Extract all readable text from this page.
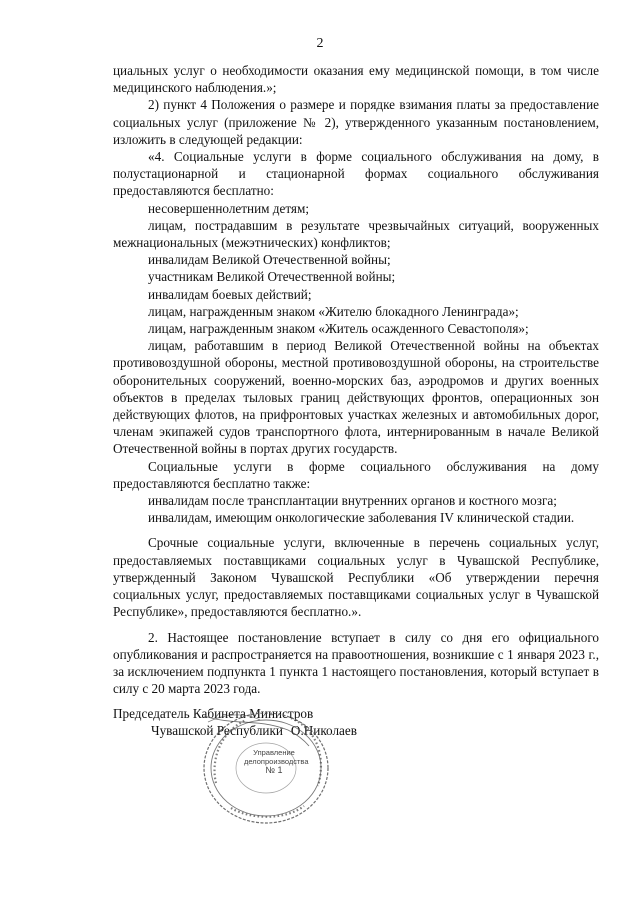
2

циальных услуг о необходимости оказания ему медицинской помощи, в том числе медицинского наблюдения.»;

2) пункт 4 Положения о размере и порядке взимания платы за предоставление социальных услуг (приложение № 2), утвержденного указанным постановлением, изложить в следующей редакции:

«4. Социальные услуги в форме социального обслуживания на дому, в полустационарной и стационарной формах социального обслуживания предоставляются бесплатно:

несовершеннолетним детям;

лицам, пострадавшим в результате чрезвычайных ситуаций, вооруженных межнациональных (межэтнических) конфликтов;

инвалидам Великой Отечественной войны;

участникам Великой Отечественной войны;

инвалидам боевых действий;

лицам, награжденным знаком «Жителю блокадного Ленинграда»;

лицам, награжденным знаком «Житель осажденного Севастополя»;

лицам, работавшим в период Великой Отечественной войны на объектах противовоздушной обороны, местной противовоздушной обороны, на строительстве оборонительных сооружений, военно-морских баз, аэродромов и других военных объектов в пределах тыловых границ действующих фронтов, операционных зон действующих флотов, на прифронтовых участках железных и автомобильных дорог, членам экипажей судов транспортного флота, интернированным в начале Великой Отечественной войны в портах других государств.

Социальные услуги в форме социального обслуживания на дому предоставляются бесплатно также:

инвалидам после трансплантации внутренних органов и костного мозга;

инвалидам, имеющим онкологические заболевания IV клинической стадии.

Срочные социальные услуги, включенные в перечень социальных услуг, предоставляемых поставщиками социальных услуг в Чувашской Республике, утвержденный Законом Чувашской Республики «Об утверждении перечня социальных услуг, предоставляемых поставщиками социальных услуг в Чувашской Республике», предоставляются бесплатно.».

2. Настоящее постановление вступает в силу со дня его официального опубликования и распространяется на правоотношения, возникшие с 1 января 2023 г., за исключением подпункта 1 пункта 1 настоящего постановления, который вступает в силу с 20 марта 2023 года.

Председатель Кабинета Министров
Чувашской Республики О.Николаев
Управление
делопроизводства
№ 1
